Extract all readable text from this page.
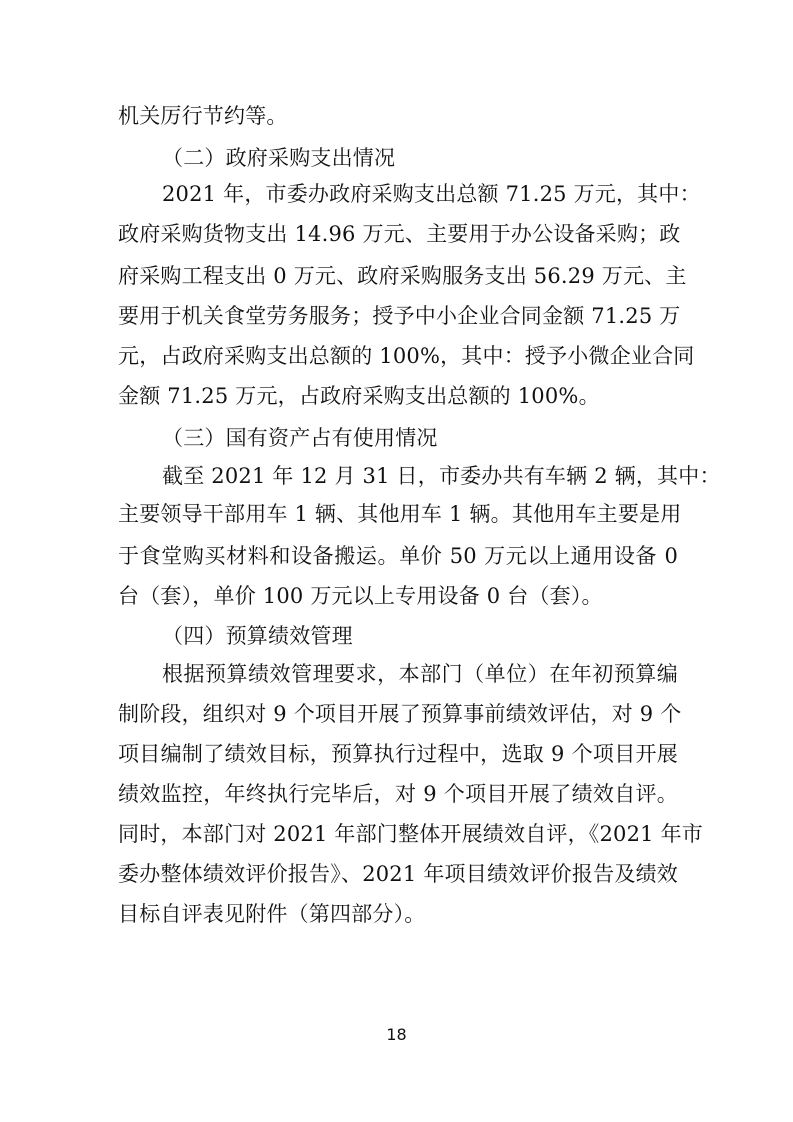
机关厉行节约等。
（二）政府采购支出情况
2021 年，市委办政府采购支出总额 71.25 万元，其中：
政府采购货物支出 14.96 万元、主要用于办公设备采购；政
府采购工程支出 0 万元、政府采购服务支出 56.29 万元、主
要用于机关食堂劳务服务；授予中小企业合同金额 71.25 万
元，占政府采购支出总额的 100%，其中：授予小微企业合同
金额 71.25 万元，占政府采购支出总额的 100%。
（三）国有资产占有使用情况
截至 2021 年 12 月 31 日，市委办共有车辆 2 辆，其中：
主要领导干部用车 1 辆、其他用车 1 辆。其他用车主要是用
于食堂购买材料和设备搬运。单价 50 万元以上通用设备 0
台（套），单价 100 万元以上专用设备 0 台（套）。
（四）预算绩效管理
根据预算绩效管理要求，本部门（单位）在年初预算编
制阶段，组织对 9 个项目开展了预算事前绩效评估，对 9 个
项目编制了绩效目标，预算执行过程中，选取 9 个项目开展
绩效监控，年终执行完毕后，对 9 个项目开展了绩效自评。
同时，本部门对 2021 年部门整体开展绩效自评，《2021 年市
委办整体绩效评价报告》、2021 年项目绩效评价报告及绩效
目标自评表见附件（第四部分）。
18
